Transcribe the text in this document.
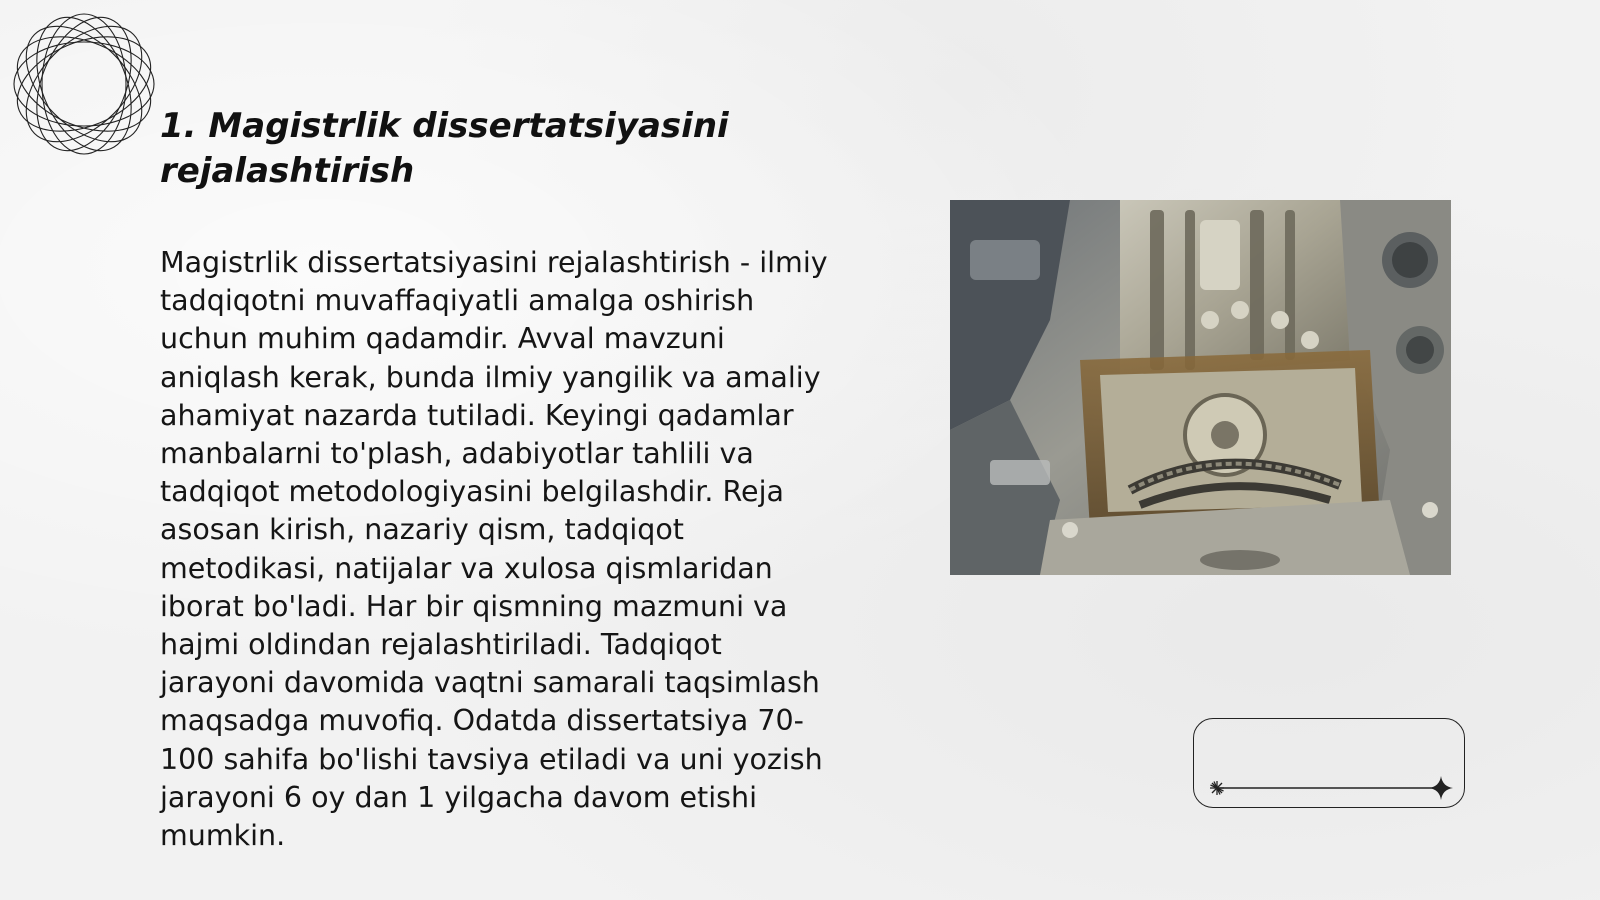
1. Magistrlik dissertatsiyasini rejalashtirish

Magistrlik dissertatsiyasini rejalashtirish - ilmiy tadqiqotni muvaffaqiyatli amalga oshirish uchun muhim qadamdir. Avval mavzuni aniqlash kerak, bunda ilmiy yangilik va amaliy ahamiyat nazarda tutiladi. Keyingi qadamlar manbalarni to'plash, adabiyotlar tahlili va tadqiqot metodologiyasini belgilashdir. Reja asosan kirish, nazariy qism, tadqiqot metodikasi, natijalar va xulosa qismlaridan iborat bo'ladi. Har bir qismning mazmuni va hajmi oldindan rejalashtiriladi. Tadqiqot jarayoni davomida vaqtni samarali taqsimlash maqsadga muvofiq. Odatda dissertatsiya 70-100 sahifa bo'lishi tavsiya etiladi va uni yozish jarayoni 6 oy dan 1 yilgacha davom etishi mumkin.
